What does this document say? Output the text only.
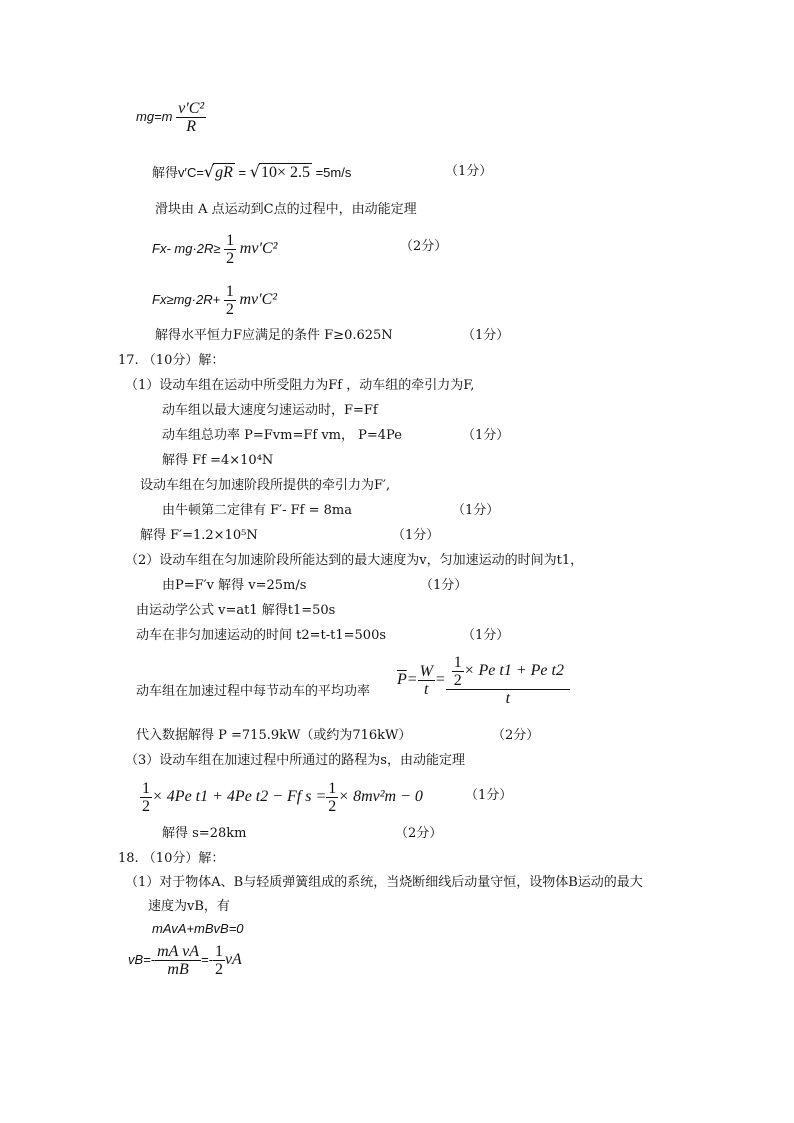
$mg=m \frac{\text{v′C²}}{R}$
解得v′C=√gR = √10× 2.5 =5m/s	（1分）
滑块由 A 点运动到C点的过程中，由动能定理
Fx- $mg\cdot 2R\ge \frac{1}{2} mv'C^2$	（2分）
$Fx\ge mg\cdot 2R+ \frac{1}{2} mv'C^2$
解得水平恒力F应满足的条件 F≥0.625N	（1分）
17. （10分）解：
（1）设动车组在运动中所受阻力为Ff ，动车组的牵引力为F,
动车组以最大速度匀速运动时，F=Ff
动车组总功率 P=Fvm=Ff vm， P=4Pe	（1分）
解得 Ff =4×10⁴N
设动车组在匀加速阶段所提供的牵引力为F′,
由牛顿第二定律有 F′- Ff = 8ma	（1分）
解得 F′=1.2×10⁵N	（1分）
（2）设动车组在匀加速阶段所能达到的最大速度为v，匀加速运动的时间为t1，
由P=F′v 解得 v=25m/s	（1分）
由运动学公式 v=at1 解得t1=50s
动车在非匀加速运动的时间 t2=t-t1=500s	（1分）
动车组在加速过程中每节动车的平均功率
$\overline{P} = \frac{W}{t} = \frac{\frac{1}{2} \times Pe t1 + Pe t2}{t}$
代入数据解得 P =715.9kW（或约为716kW）	（2分）
（3）设动车组在加速过程中所通过的路程为s，由动能定理
$\frac{1}{2} \times 4Pe$ t1 + 4Pe t2 − Ff $s = \frac{1}{2} \times 8mv^2m - 0$	（1分）
解得 s=28km	（2分）
18. （10分）解：
（1）对于物体A、B与轻质弹簧组成的系统，当烧断细线后动量守恒，设物体B运动的最大
速度为vB，有
mAvA+mBvB=0
$vB=- \frac{\text{mA vA}}{mB} =- \frac{1}{2}$ vA
